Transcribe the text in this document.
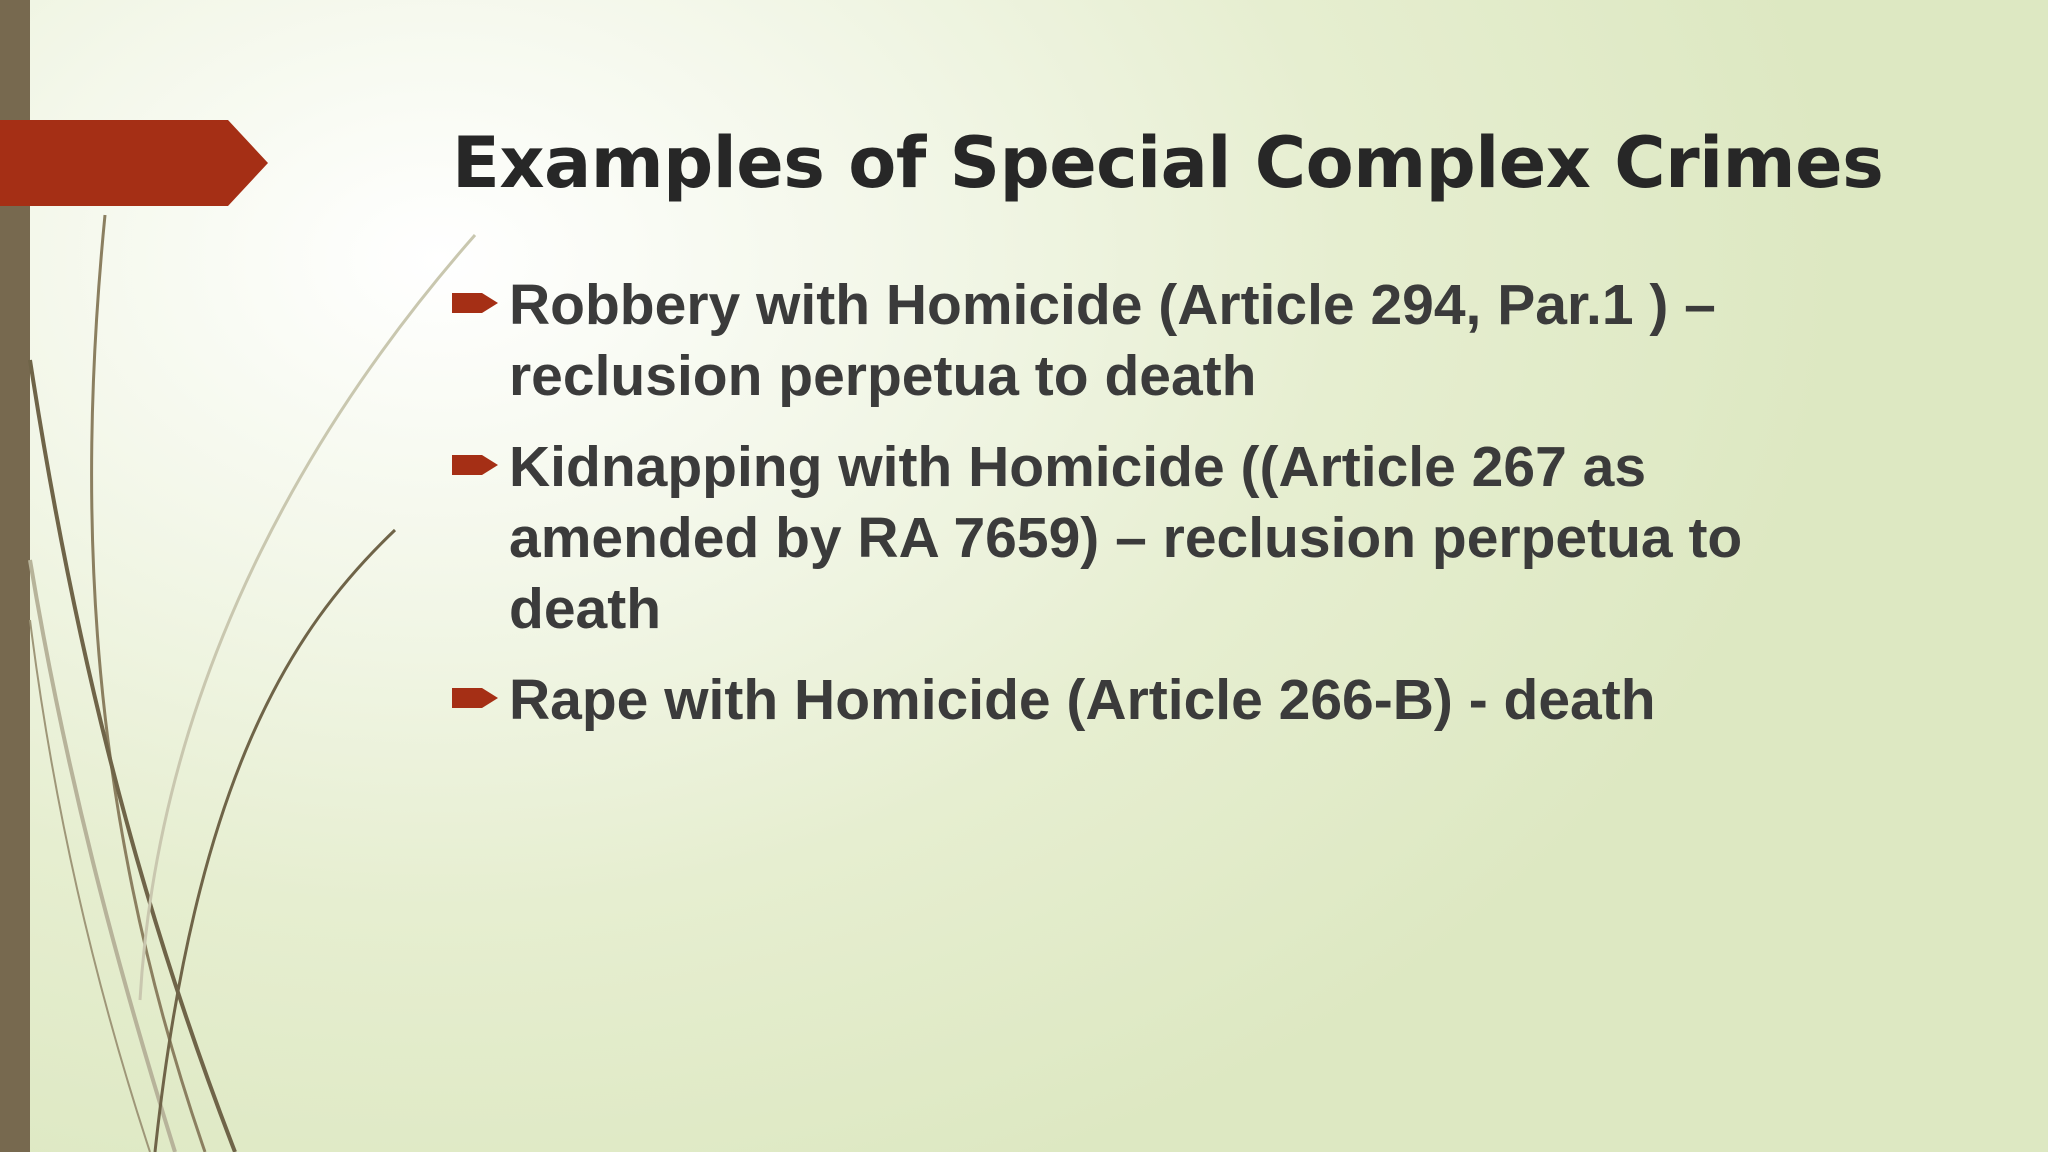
Examples of Special Complex Crimes
Robbery with Homicide (Article 294, Par.1 ) – reclusion perpetua to death
Kidnapping with Homicide ((Article 267 as amended by RA 7659) – reclusion perpetua to death
Rape with Homicide (Article 266-B) - death
